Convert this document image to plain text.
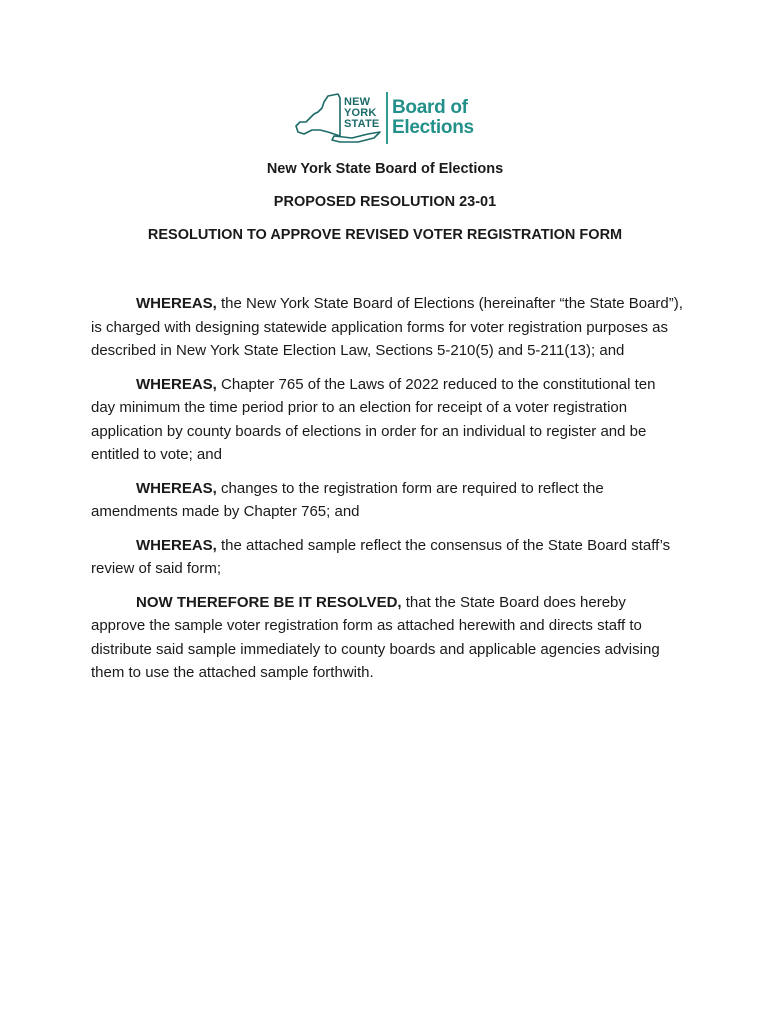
NEW
YORK
STATE
Board of
Elections
New York State Board of Elections
PROPOSED RESOLUTION 23-01
RESOLUTION TO APPROVE REVISED VOTER REGISTRATION FORM

WHEREAS, the New York State Board of Elections (hereinafter “the State Board”), is charged with designing statewide application forms for voter registration purposes as described in New York State Election Law, Sections 5-210(5) and 5-211(13); and

WHEREAS, Chapter 765 of the Laws of 2022 reduced to the constitutional ten day minimum the time period prior to an election for receipt of a voter registration application by county boards of elections in order for an individual to register and be entitled to vote; and

WHEREAS, changes to the registration form are required to reflect the amendments made by Chapter 765; and

WHEREAS, the attached sample reflect the consensus of the State Board staff’s review of said form;

NOW THEREFORE BE IT RESOLVED, that the State Board does hereby approve the sample voter registration form as attached herewith and directs staff to distribute said sample immediately to county boards and applicable agencies advising them to use the attached sample forthwith.
